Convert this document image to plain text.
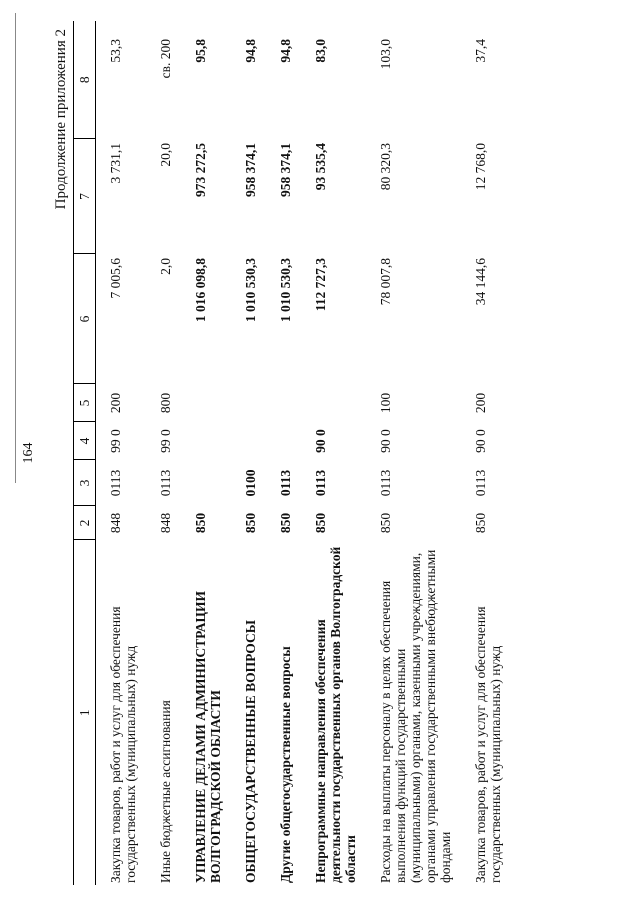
164
Продолжение приложения 2
1	2	3	4	5	6	7	8
Закупка товаров, работ и услуг для обеспечения государственных (муниципальных) нужд	848	0113	99 0	200	7 005,6	3 731,1	53,3
Иные бюджетные ассигнования	848	0113	99 0	800	2,0	20,0	св. 200
УПРАВЛЕНИЕ ДЕЛАМИ АДМИНИСТРАЦИИ ВОЛГОГРАДСКОЙ ОБЛАСТИ	850				1 016 098,8	973 272,5	95,8
ОБЩЕГОСУДАРСТВЕННЫЕ ВОПРОСЫ	850	0100			1 010 530,3	958 374,1	94,8
Другие общегосударственные вопросы	850	0113			1 010 530,3	958 374,1	94,8
Непрограммные направления обеспечения деятельности государственных органов Волгоградской области	850	0113	90 0		112 727,3	93 535,4	83,0
Расходы на выплаты персоналу в целях обеспечения выполнения функций государственными (муниципальными) органами, казенными учреждениями, органами управления государственными внебюджетными фондами	850	0113	90 0	100	78 007,8	80 320,3	103,0
Закупка товаров, работ и услуг для обеспечения государственных (муниципальных) нужд	850	0113	90 0	200	34 144,6	12 768,0	37,4
